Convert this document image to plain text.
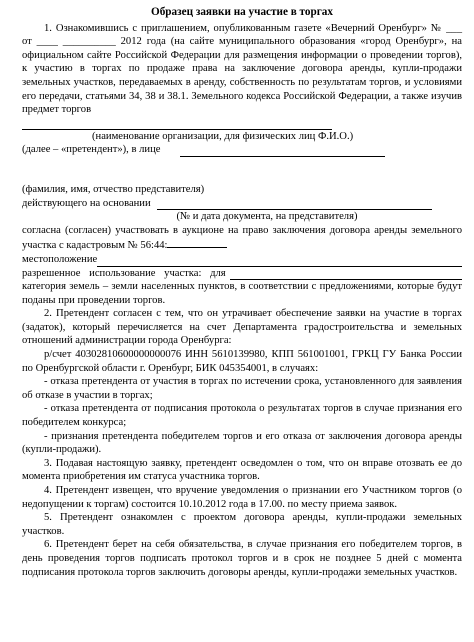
Образец заявки на участие в торгах

1. Ознакомившись с приглашением, опубликованным газете «Вечерний Оренбург» № ___ от ____ __________ 2012 года (на сайте муниципального образования «город Оренбург», на официальном сайте Российской Федерации для размещения информации о проведении торгов), к участию в торгах по продаже права на заключение договора аренды, купли-продажи земельных участков, передаваемых в аренду, собственность по результатам торгов, и условиями его передачи, статьями 34, 38 и 38.1. Земельного кодекса Российской Федерации, а также изучив предмет торгов

(наименование организации, для физических лиц Ф.И.О.)

(далее – «претендент»), в лице

(фамилия, имя, отчество представителя)

действующего на основании

(№ и дата документа, на представителя)

согласна (согласен) участвовать в аукционе на право заключения договора аренды земельного участка с кадастровым № 56:44:

местоположение
разрешенное использование участка: для

категория земель – земли населенных пунктов, в соответствии с предложениями, которые будут поданы при проведении торгов.

2. Претендент согласен с тем, что он утрачивает обеспечение заявки на участие в торгах (задаток), который перечисляется на счет Департамента градостроительства и земельных отношений администрации города Оренбурга:

р/счет 40302810600000000076 ИНН 5610139980, КПП 561001001, ГРКЦ ГУ Банка России по Оренбургской области г. Оренбург, БИК 045354001, в случаях:

- отказа претендента от участия в торгах по истечении срока, установленного для заявления об отказе в участии в торгах;

- отказа претендента от подписания протокола о результатах торгов в случае признания его победителем конкурса;

- признания претендента победителем торгов и его отказа от заключения договора аренды (купли-продажи).

3. Подавая настоящую заявку, претендент осведомлен о том, что он вправе отозвать ее до момента приобретения им статуса участника торгов.

4. Претендент извещен, что вручение уведомления о признании его Участником торгов (о недопущении к торгам) состоится 10.10.2012 года в 17.00. по месту приема заявок.

5. Претендент ознакомлен с проектом договора аренды, купли-продажи земельных участков.

6. Претендент берет на себя обязательства, в случае признания его победителем торгов, в день проведения торгов подписать протокол торгов и в срок не позднее 5 дней с момента подписания протокола торгов заключить договоры аренды, купли-продажи земельных участков.
